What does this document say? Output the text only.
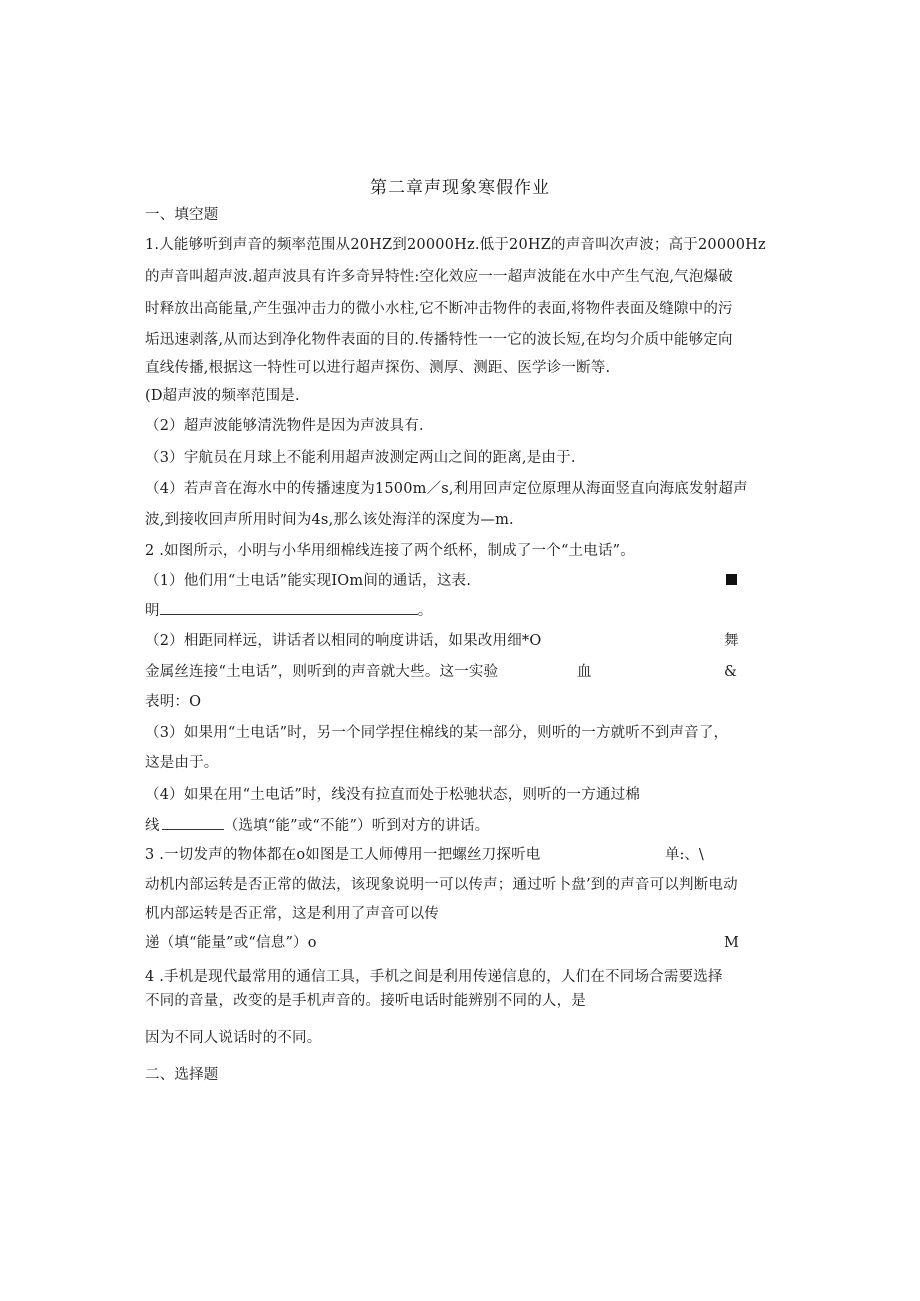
第二章声现象寒假作业
一、填空题
1.人能够听到声音的频率范围从20HZ到20000Hz.低于20HZ的声音叫次声波；高于20000Hz
的声音叫超声波.超声波具有许多奇异特性:空化效应一一超声波能在水中产生气泡,气泡爆破
时释放出高能量,产生强冲击力的微小水柱,它不断冲击物件的表面,将物件表面及缝隙中的污
垢迅速剥落,从而达到净化物件表面的目的.传播特性一一它的波长短,在均匀介质中能够定向
直线传播,根据这一特性可以进行超声探伤、测厚、测距、医学诊一断等.
(D超声波的频率范围是.
（2）超声波能够清洗物件是因为声波具有.
（3）宇航员在月球上不能利用超声波测定两山之间的距离,是由于.
（4）若声音在海水中的传播速度为1500m／s,利用回声定位原理从海面竖直向海底发射超声
波,到接收回声所用时间为4s,那么该处海洋的深度为—m.
2 .如图所示，小明与小华用细棉线连接了两个纸杯，制成了一个“土电话”。
（1）他们用“土电话”能实现IOm间的通话，这表.
明	。
（2）相距同样远，讲话者以相同的响度讲话，如果改用细*O	舞
金属丝连接“土电话”，则听到的声音就大些。这一实验	血	&
表明：O
（3）如果用“土电话”时，另一个同学捏住棉线的某一部分，则听的一方就听不到声音了，
这是由于。
（4）如果在用“土电话”时，线没有拉直而处于松驰状态，则听的一方通过棉
线	（选填“能”或“不能”）听到对方的讲话。
3 .一切发声的物体都在o如图是工人师傅用一把螺丝刀探听电	单:、\
动机内部运转是否正常的做法，该现象说明一可以传声；通过听卜盘’到的声音可以判断电动
机内部运转是否正常，这是利用了声音可以传
递（填“能量”或“信息”）o	M
4 .手机是现代最常用的通信工具，手机之间是利用传递信息的，人们在不同场合需要选择
不同的音量，改变的是手机声音的。接听电话时能辨别不同的人，是
因为不同人说话时的不同。
二、选择题
